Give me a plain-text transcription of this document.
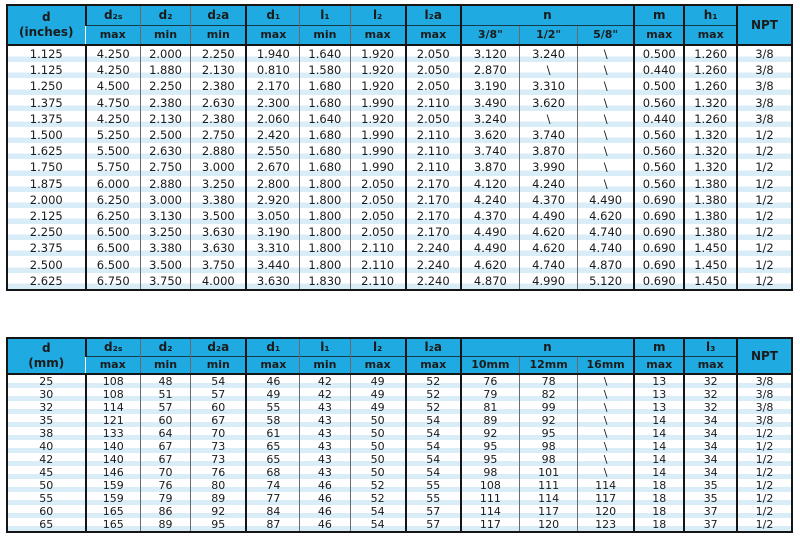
d
(inches)	d₂ₛ	d₂	d₂a	d₁	l₁	l₂	l₂a	n			m	h₁	NPT
	max	min	min	max	min	max	max	3/8"	1/2"	5/8"	max	max	
1.125	4.250	2.000	2.250	1.940	1.640	1.920	2.050	3.120	3.240	\	0.500	1.260	3/8
1.125	4.250	1.880	2.130	0.810	1.580	1.920	2.050	2.870	\	\	0.440	1.260	3/8
1.250	4.500	2.250	2.380	2.170	1.680	1.920	2.050	3.190	3.310	\	0.500	1.260	3/8
1.375	4.750	2.380	2.630	2.300	1.680	1.990	2.110	3.490	3.620	\	0.560	1.320	3/8
1.375	4.250	2.130	2.380	2.060	1.640	1.920	2.050	3.240	\	\	0.440	1.260	3/8
1.500	5.250	2.500	2.750	2.420	1.680	1.990	2.110	3.620	3.740	\	0.560	1.320	1/2
1.625	5.500	2.630	2.880	2.550	1.680	1.990	2.110	3.740	3.870	\	0.560	1.320	1/2
1.750	5.750	2.750	3.000	2.670	1.680	1.990	2.110	3.870	3.990	\	0.560	1.320	1/2
1.875	6.000	2.880	3.250	2.800	1.800	2.050	2.170	4.120	4.240	\	0.560	1.380	1/2
2.000	6.250	3.000	3.380	2.920	1.800	2.050	2.170	4.240	4.370	4.490	0.690	1.380	1/2
2.125	6.250	3.130	3.500	3.050	1.800	2.050	2.170	4.370	4.490	4.620	0.690	1.380	1/2
2.250	6.500	3.250	3.630	3.190	1.800	2.050	2.170	4.490	4.620	4.740	0.690	1.380	1/2
2.375	6.500	3.380	3.630	3.310	1.800	2.110	2.240	4.490	4.620	4.740	0.690	1.450	1/2
2.500	6.500	3.500	3.750	3.440	1.800	2.110	2.240	4.620	4.740	4.870	0.690	1.450	1/2
2.625	6.750	3.750	4.000	3.630	1.830	2.110	2.240	4.870	4.990	5.120	0.690	1.450	1/2
d
(mm)	d₂ₛ	d₂	d₂a	d₁	l₁	l₂	l₂a	n			m	l₃	NPT
	max	min	min	max	min	max	max	10mm	12mm	16mm	max	max	
25	108	48	54	46	42	49	52	76	78	\	13	32	3/8
30	108	51	57	49	42	49	52	79	82	\	13	32	3/8
32	114	57	60	55	43	49	52	81	99	\	13	32	3/8
35	121	60	67	58	43	50	54	89	92	\	14	34	3/8
38	133	64	70	61	43	50	54	92	95	\	14	34	1/2
40	140	67	73	65	43	50	54	95	98	\	14	34	1/2
42	140	67	73	65	43	50	54	95	98	\	14	34	1/2
45	146	70	76	68	43	50	54	98	101	\	14	34	1/2
50	159	76	80	74	46	52	55	108	111	114	18	35	1/2
55	159	79	89	77	46	52	55	111	114	117	18	35	1/2
60	165	86	92	84	46	54	57	114	117	120	18	37	1/2
65	165	89	95	87	46	54	57	117	120	123	18	37	1/2
